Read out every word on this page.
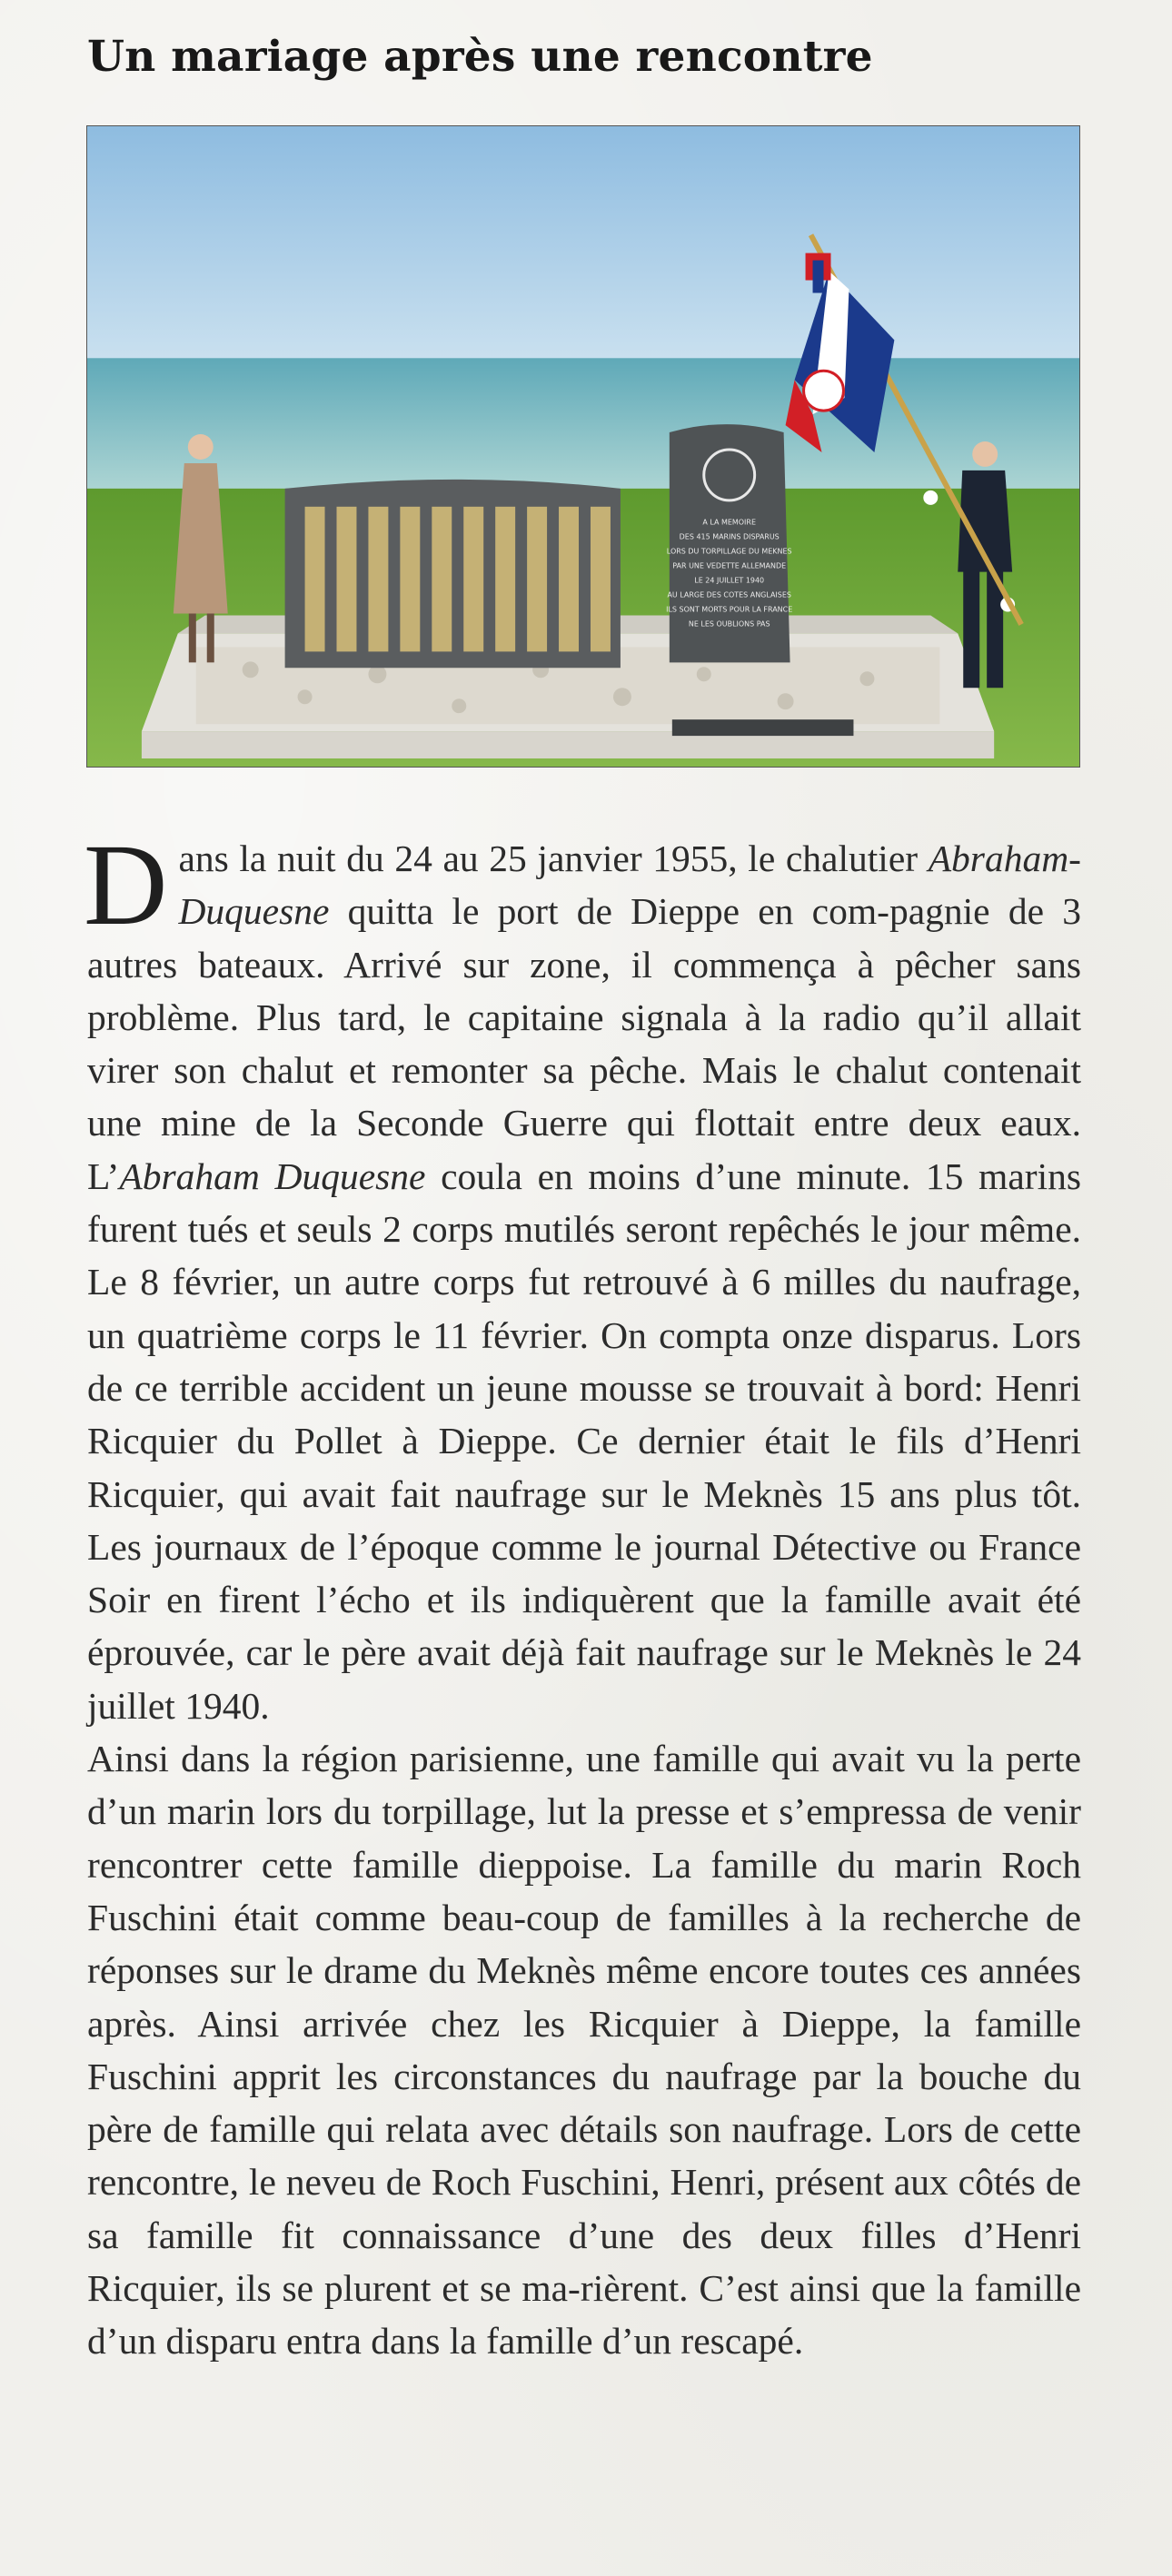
Un mariage après une rencontre
A LA MEMOIRE
DES 415 MARINS DISPARUS
LORS DU TORPILLAGE DU MEKNES
PAR UNE VEDETTE ALLEMANDE
LE 24 JUILLET 1940
AU LARGE DES COTES ANGLAISES
ILS SONT MORTS POUR LA FRANCE
NE LES OUBLIONS PAS

Dans la nuit du 24 au 25 janvier 1955, le chalutier Abraham-Duquesne quitta le port de Dieppe en com-pagnie de 3 autres bateaux. Arrivé sur zone, il commença à pêcher sans problème. Plus tard, le capitaine signala à la radio qu’il allait virer son chalut et remonter sa pêche. Mais le chalut contenait une mine de la Seconde Guerre qui flottait entre deux eaux. L’Abraham Duquesne coula en moins d’une minute. 15 marins furent tués et seuls 2 corps mutilés seront repêchés le jour même. Le 8 février, un autre corps fut retrouvé à 6 milles du naufrage, un quatrième corps le 11 février. On compta onze disparus. Lors de ce terrible accident un jeune mousse se trouvait à bord: Henri Ricquier du Pollet à Dieppe. Ce dernier était le fils d’Henri Ricquier, qui avait fait naufrage sur le Meknès 15 ans plus tôt. Les journaux de l’époque comme le journal Détective ou France Soir en firent l’écho et ils indiquèrent que la famille avait été éprouvée, car le père avait déjà fait naufrage sur le Meknès le 24 juillet 1940.
Ainsi dans la région parisienne, une famille qui avait vu la perte d’un marin lors du torpillage, lut la presse et s’empressa de venir rencontrer cette famille dieppoise. La famille du marin Roch Fuschini était comme beau-coup de familles à la recherche de réponses sur le drame du Meknès même encore toutes ces années après. Ainsi arrivée chez les Ricquier à Dieppe, la famille Fuschini apprit les circonstances du naufrage par la bouche du père de famille qui relata avec détails son naufrage. Lors de cette rencontre, le neveu de Roch Fuschini, Henri, présent aux côtés de sa famille fit connaissance d’une des deux filles d’Henri Ricquier, ils se plurent et se ma-rièrent. C’est ainsi que la famille d’un disparu entra dans la famille d’un rescapé.
